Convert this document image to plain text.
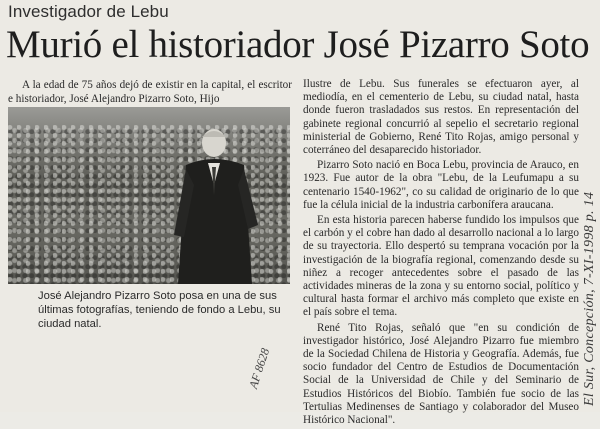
Investigador de Lebu
Murió el historiador José Pizarro Soto

A la edad de 75 años dejó de existir en la capital, el escritor e historiador, José Alejandro Pizarro Soto, Hijo

José Alejandro Pizarro Soto posa en una de sus últimas fotografías, teniendo de fondo a Lebu, su ciudad natal.

Ilustre de Lebu. Sus funerales se efectuaron ayer, al mediodía, en el cementerio de Lebu, su ciudad natal, hasta donde fueron trasladados sus restos. En representación del gabinete regional concurrió al sepelio el secretario regional ministerial de Gobierno, René Tito Rojas, amigo personal y coterráneo del desaparecido historiador.

Pizarro Soto nació en Boca Lebu, provincia de Arauco, en 1923. Fue autor de la obra "Lebu, de la Leufumapu a su centenario 1540-1962", co su calidad de originario de lo que fue la célula inicial de la industria carbonífera araucana.

En esta historia parecen haberse fundido los impulsos que el carbón y el cobre han dado al desarrollo nacional a lo largo de su trayectoria. Ello despertó su temprana vocación por la investigación de la biografía regional, comenzando desde su niñez a recoger antecedentes sobre el pasado de las actividades mineras de la zona y su entorno social, político y cultural hasta formar el archivo más completo que existe en el país sobre el tema.

René Tito Rojas, señaló que "en su condición de investigador histórico, José Alejandro Pizarro fue miembro de la Sociedad Chilena de Historia y Geografía. Además, fue socio fundador del Centro de Estudios de Documentación Social de la Universidad de Chile y del Seminario de Estudios Históricos del Biobío. También fue socio de las Tertulias Medinenses de Santiago y colaborador del Museo Histórico Nacional".

El Sur, Concepción, 7-XI-1998 p. 14
AF 8628
